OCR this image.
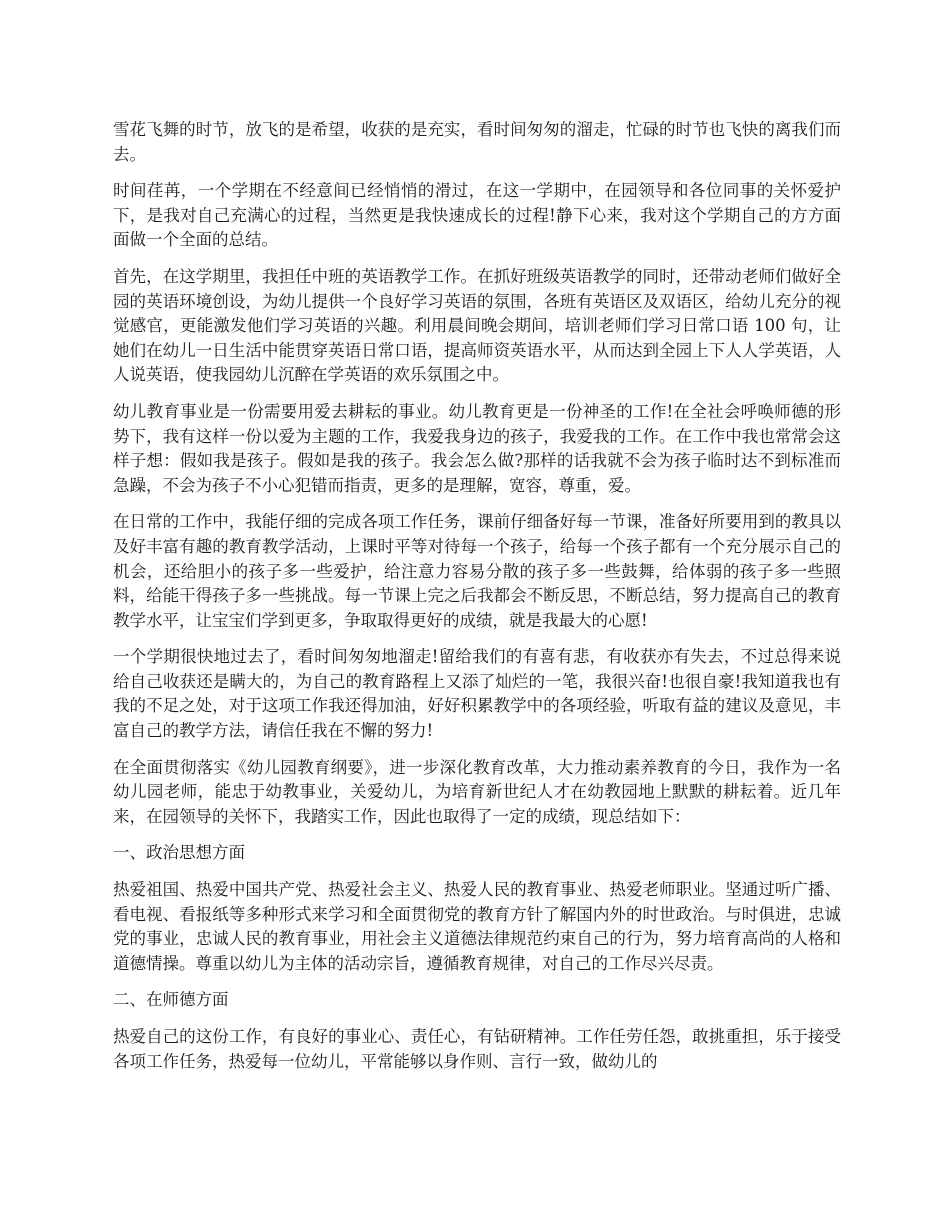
雪花飞舞的时节，放飞的是希望，收获的是充实，看时间匆匆的溜走，忙碌的时节也飞快的离我们而去。

时间荏苒，一个学期在不经意间已经悄悄的滑过，在这一学期中，在园领导和各位同事的关怀爱护下，是我对自己充满心的过程，当然更是我快速成长的过程!静下心来，我对这个学期自己的方方面面做一个全面的总结。

首先，在这学期里，我担任中班的英语教学工作。在抓好班级英语教学的同时，还带动老师们做好全园的英语环境创设，为幼儿提供一个良好学习英语的氛围，各班有英语区及双语区，给幼儿充分的视觉感官，更能激发他们学习英语的兴趣。利用晨间晚会期间，培训老师们学习日常口语 100 句，让她们在幼儿一日生活中能贯穿英语日常口语，提高师资英语水平，从而达到全园上下人人学英语，人人说英语，使我园幼儿沉醉在学英语的欢乐氛围之中。

幼儿教育事业是一份需要用爱去耕耘的事业。幼儿教育更是一份神圣的工作!在全社会呼唤师德的形势下，我有这样一份以爱为主题的工作，我爱我身边的孩子，我爱我的工作。在工作中我也常常会这样子想：假如我是孩子。假如是我的孩子。我会怎么做?那样的话我就不会为孩子临时达不到标准而急躁，不会为孩子不小心犯错而指责，更多的是理解，宽容，尊重，爱。

在日常的工作中，我能仔细的完成各项工作任务，课前仔细备好每一节课，准备好所要用到的教具以及好丰富有趣的教育教学活动，上课时平等对待每一个孩子，给每一个孩子都有一个充分展示自己的机会，还给胆小的孩子多一些爱护，给注意力容易分散的孩子多一些鼓舞，给体弱的孩子多一些照料，给能干得孩子多一些挑战。每一节课上完之后我都会不断反思，不断总结，努力提高自己的教育教学水平，让宝宝们学到更多，争取取得更好的成绩，就是我最大的心愿!

一个学期很快地过去了，看时间匆匆地溜走!留给我们的有喜有悲，有收获亦有失去，不过总得来说给自己收获还是瞒大的，为自己的教育路程上又添了灿烂的一笔，我很兴奋!也很自豪!我知道我也有我的不足之处，对于这项工作我还得加油，好好积累教学中的各项经验，听取有益的建议及意见，丰富自己的教学方法，请信任我在不懈的努力!

在全面贯彻落实《幼儿园教育纲要》，进一步深化教育改革，大力推动素养教育的今日，我作为一名幼儿园老师，能忠于幼教事业，关爱幼儿，为培育新世纪人才在幼教园地上默默的耕耘着。近几年来，在园领导的关怀下，我踏实工作，因此也取得了一定的成绩，现总结如下：

一、政治思想方面

热爱祖国、热爱中国共产党、热爱社会主义、热爱人民的教育事业、热爱老师职业。坚通过听广播、看电视、看报纸等多种形式来学习和全面贯彻党的教育方针了解国内外的时世政治。与时俱进，忠诚党的事业，忠诚人民的教育事业，用社会主义道德法律规范约束自己的行为，努力培育高尚的人格和道德情操。尊重以幼儿为主体的活动宗旨，遵循教育规律，对自己的工作尽兴尽责。

二、在师德方面

热爱自己的这份工作，有良好的事业心、责任心，有钻研精神。工作任劳任怨，敢挑重担，乐于接受各项工作任务，热爱每一位幼儿，平常能够以身作则、言行一致，做幼儿的
